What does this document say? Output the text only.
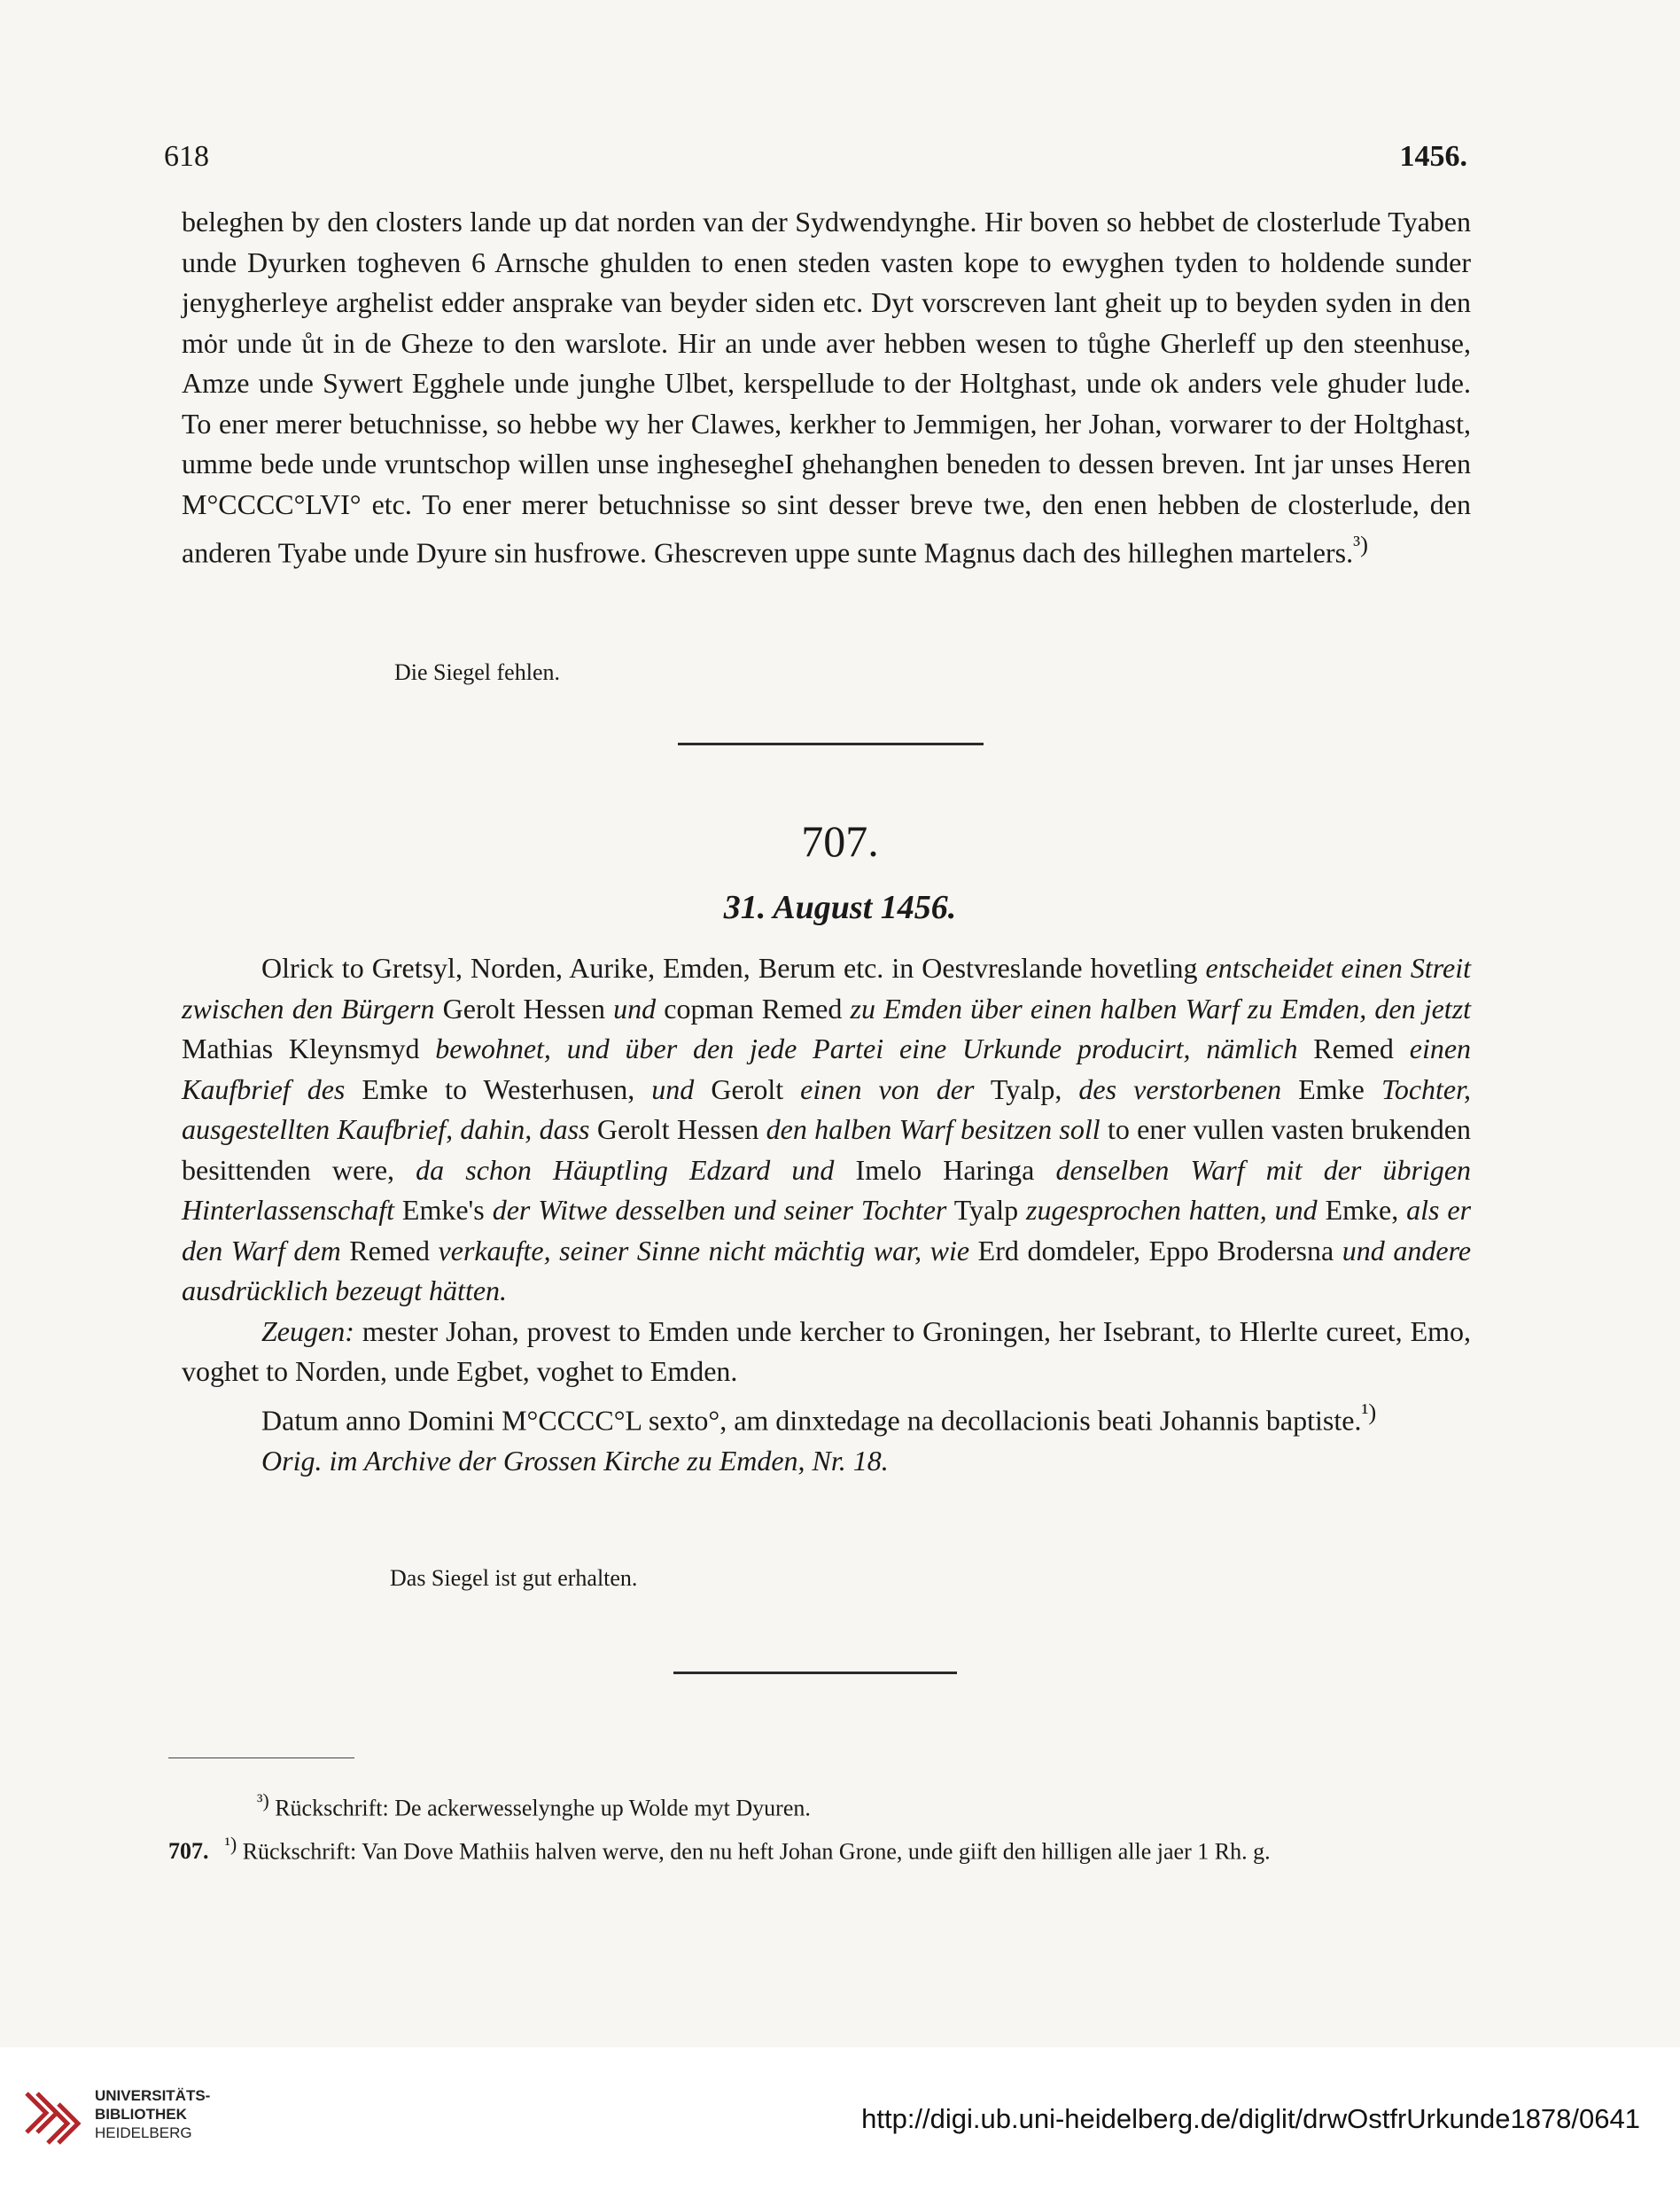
618	1456.

beleghen by den closters lande up dat norden van der Sydwendynghe. Hir boven so hebbet de closterlude Tyaben unde Dyurken togheven 6 Arnsche ghulden to enen steden vasten kope to ewyghen tyden to holdende sunder jenygherleye arghelist edder ansprake van beyder siden etc. Dyt vorscreven lant gheit up to beyden syden in den mȯr unde ůt in de Gheze to den warslote. Hir an unde aver hebben wesen to tůghe Gherleff up den steenhuse, Amze unde Sywert Egghele unde junghe Ulbet, kerspellude to der Holtghast, unde ok anders vele ghuder lude. To ener merer betuchnisse, so hebbe wy her Clawes, kerkher to Jemmigen, her Johan, vorwarer to der Holtghast, umme bede unde vruntschop willen unse inghesegheI ghehanghen beneden to dessen breven. Int jar unses Heren M°CCCC°LVI° etc. To ener merer betuchnisse so sint desser breve twe, den enen hebben de closterlude, den anderen Tyabe unde Dyure sin husfrowe. Ghescreven uppe sunte Magnus dach des hilleghen martelers.$^{^3)}$

Die Siegel fehlen.
707.
31. August 1456.

Olrick to Gretsyl, Norden, Aurike, Emden, Berum etc. in Oestvreslande hovetling entscheidet einen Streit zwischen den Bürgern Gerolt Hessen und copman Remed zu Emden über einen halben Warf zu Emden, den jetzt Mathias Kleynsmyd bewohnet, und über den jede Partei eine Urkunde producirt, nämlich Remed einen Kaufbrief des Emke to Westerhusen, und Gerolt einen von der Tyalp, des verstorbenen Emke Tochter, ausgestellten Kaufbrief, dahin, dass Gerolt Hessen den halben Warf besitzen soll to ener vullen vasten brukenden besittenden were, da schon Häuptling Edzard und Imelo Haringa denselben Warf mit der übrigen Hinterlassenschaft Emke's der Witwe desselben und seiner Tochter Tyalp zugesprochen hatten, und Emke, als er den Warf dem Remed verkaufte, seiner Sinne nicht mächtig war, wie Erd domdeler, Eppo Brodersna und andere ausdrücklich bezeugt hätten.

Zeugen: mester Johan, provest to Emden unde kercher to Groningen, her Isebrant, to Hlerlte cureet, Emo, voghet to Norden, unde Egbet, voghet to Emden.

Datum anno Domini M°CCCC°L sexto°, am dinxtedage na decollacionis beati Johannis baptiste.$^{^1)}$

Orig. im Archive der Grossen Kirche zu Emden, Nr. 18.

Das Siegel ist gut erhalten.

$^{^3)}$ Rückschrift: De ackerwesselynghe up Wolde myt Dyuren.

707. $^{^1)}$ Rückschrift: Van Dove Mathiis halven werve, den nu heft Johan Grone, unde giift den hilligen alle jaer 1 Rh. g.

UNIVERSITÄTS-
BIBLIOTHEK
HEIDELBERG	http://digi.ub.uni-heidelberg.de/diglit/drwOstfrUrkunde1878/0641
